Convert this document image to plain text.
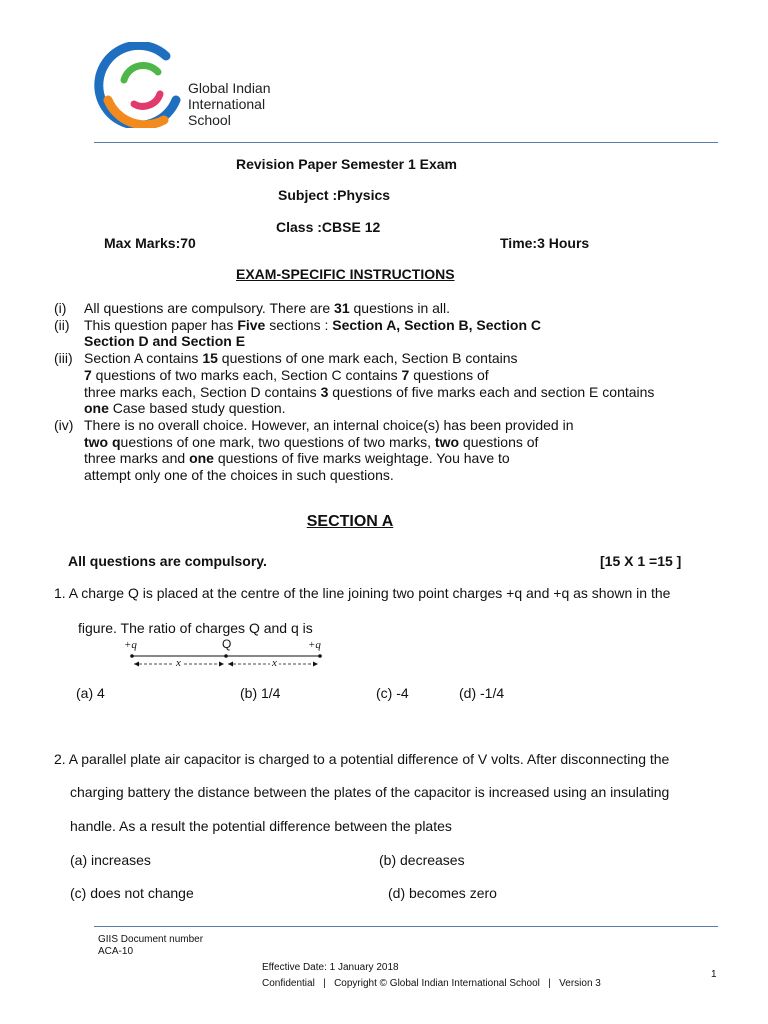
Global Indian
International
School
Revision Paper Semester 1 Exam
Subject :Physics
Class :CBSE 12
Max Marks:70	Time:3 Hours
EXAM-SPECIFIC INSTRUCTIONS
(i)	All questions are compulsory. There are 31 questions in all.
(ii)	This question paper has Five sections : Section A, Section B, Section C
Section D and Section E
(iii) Section A contains 15 questions of one mark each, Section B contains
7 questions of two marks each, Section C contains 7 questions of
three marks each, Section D contains 3 questions of five marks each and section E contains
one Case based study question.
(iv) There is no overall choice. However, an internal choice(s) has been provided in
two questions of one mark, two questions of two marks, two questions of
three marks and one questions of five marks weightage. You have to
attempt only one of the choices in such questions.
SECTION A
All questions are compulsory.	[15 X 1 =15 ]
1. A charge Q is placed at the centre of the line joining two point charges +q and +q as shown in the
figure. The ratio of charges Q and q is
+q	Q	+q
x	x
(a) 4	(b) 1/4	(c) -4	(d) -1/4
2. A parallel plate air capacitor is charged to a potential difference of V volts. After disconnecting the
charging battery the distance between the plates of the capacitor is increased using an insulating
handle. As a result the potential difference between the plates
(a) increases	(b) decreases
(c) does not change	(d) becomes zero
GIIS Document number
ACA-10
Effective Date: 1 January 2018
Confidential   |   Copyright © Global Indian International School   |   Version 3
1
